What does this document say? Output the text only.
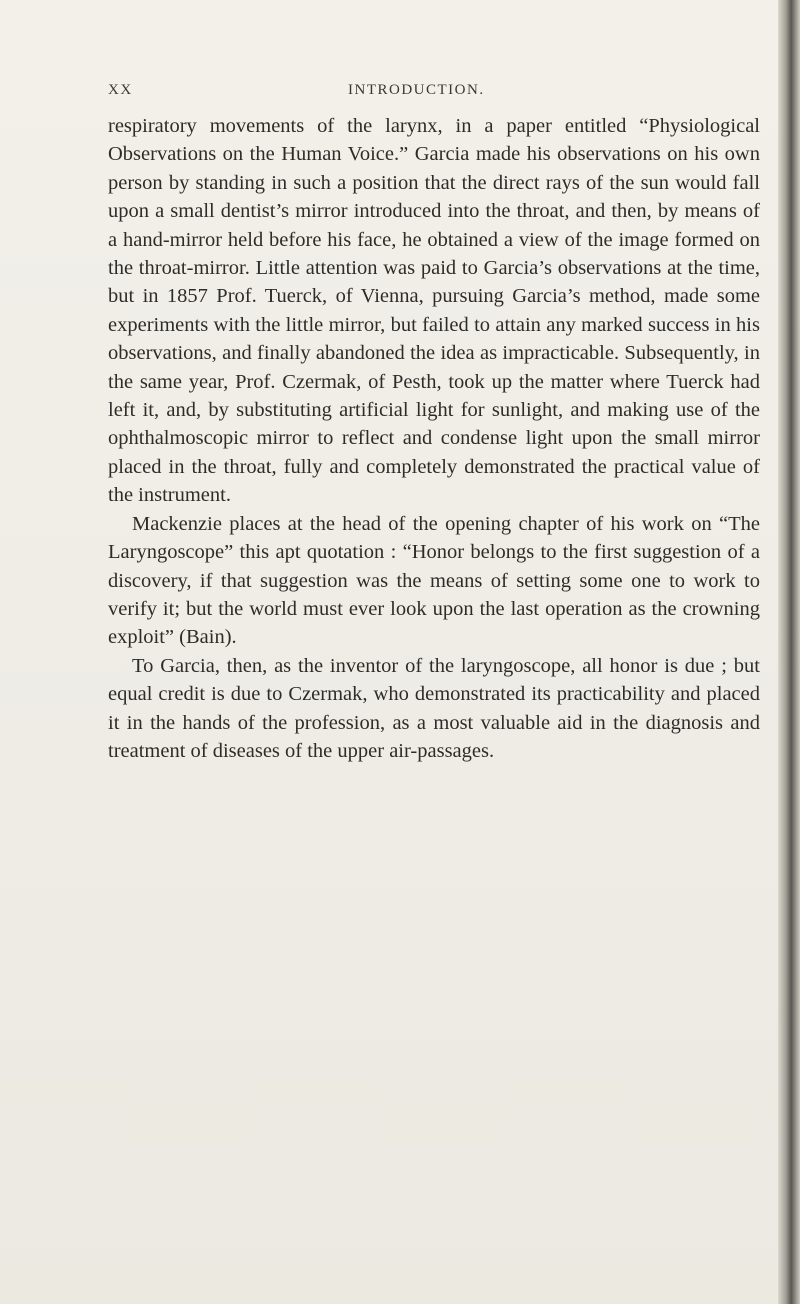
XX	INTRODUCTION.

respiratory movements of the larynx, in a paper entitled “Physiological Observations on the Human Voice.” Garcia made his observations on his own person by standing in such a position that the direct rays of the sun would fall upon a small dentist’s mirror introduced into the throat, and then, by means of a hand-mirror held before his face, he obtained a view of the image formed on the throat-mirror. Little attention was paid to Garcia’s observations at the time, but in 1857 Prof. Tuerck, of Vienna, pursuing Garcia’s method, made some experiments with the little mirror, but failed to attain any marked success in his observations, and finally abandoned the idea as impracticable. Subsequently, in the same year, Prof. Czermak, of Pesth, took up the matter where Tuerck had left it, and, by substituting artificial light for sunlight, and making use of the ophthalmoscopic mirror to reflect and condense light upon the small mirror placed in the throat, fully and completely demonstrated the practical value of the instrument.

Mackenzie places at the head of the opening chapter of his work on “The Laryngoscope” this apt quotation : “Honor belongs to the first suggestion of a discovery, if that suggestion was the means of setting some one to work to verify it; but the world must ever look upon the last operation as the crowning exploit” (Bain).

To Garcia, then, as the inventor of the laryngoscope, all honor is due ; but equal credit is due to Czermak, who demonstrated its practicability and placed it in the hands of the profession, as a most valuable aid in the diagnosis and treatment of diseases of the upper air-passages.
